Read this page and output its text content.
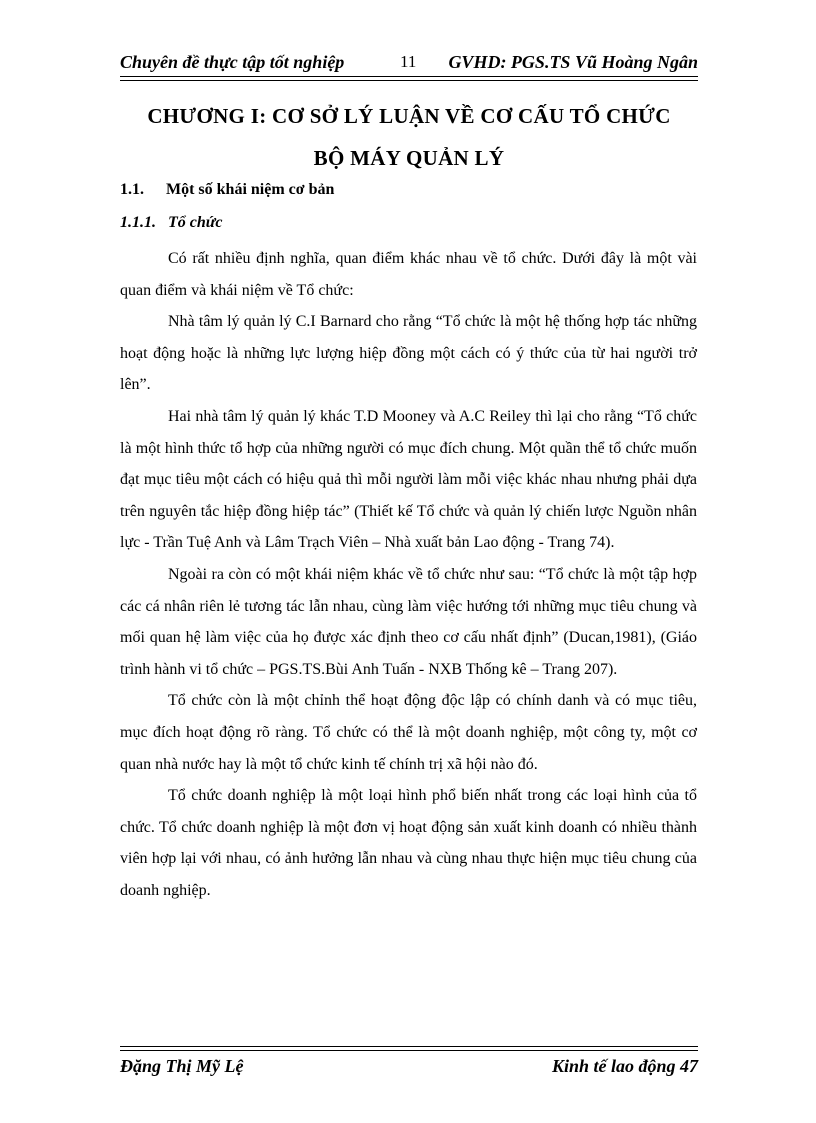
Chuyên đề thực tập tốt nghiệp	11 GVHD: PGS.TS Vũ Hoàng Ngân
CHƯƠNG I: CƠ SỞ LÝ LUẬN VỀ CƠ CẤU TỔ CHỨC
BỘ MÁY QUẢN LÝ
1.1. Một số khái niệm cơ bản
1.1.1. Tổ chức

Có rất nhiều định nghĩa, quan điểm khác nhau về tổ chức. Dưới đây là một vài quan điểm và khái niệm về Tổ chức:

Nhà tâm lý quản lý C.I Barnard cho rằng “Tổ chức là một hệ thống hợp tác những hoạt động hoặc là những lực lượng hiệp đồng một cách có ý thức của từ hai người trở lên”.

Hai nhà tâm lý quản lý khác T.D Mooney và A.C Reiley thì lại cho rằng “Tổ chức là một hình thức tổ hợp của những người có mục đích chung. Một quần thể tổ chức muốn đạt mục tiêu một cách có hiệu quả thì mỗi người làm mỗi việc khác nhau nhưng phải dựa trên nguyên tắc hiệp đồng hiệp tác” (Thiết kế Tổ chức và quản lý chiến lược Nguồn nhân lực - Trần Tuệ Anh và Lâm Trạch Viên – Nhà xuất bản Lao động - Trang 74).

Ngoài ra còn có một khái niệm khác về tổ chức như sau: “Tổ chức là một tập hợp các cá nhân riên lẻ tương tác lẫn nhau, cùng làm việc hướng tới những mục tiêu chung và mối quan hệ làm việc của họ được xác định theo cơ cấu nhất định” (Ducan,1981), (Giáo trình hành vi tổ chức – PGS.TS.Bùi Anh Tuấn - NXB Thống kê – Trang 207).

Tổ chức còn là một chỉnh thể hoạt động độc lập có chính danh và có mục tiêu, mục đích hoạt động rõ ràng. Tổ chức có thể là một doanh nghiệp, một công ty, một cơ quan nhà nước hay là một tổ chức kinh tế chính trị xã hội nào đó.

Tổ chức doanh nghiệp là một loại hình phổ biến nhất trong các loại hình của tổ chức. Tổ chức doanh nghiệp là một đơn vị hoạt động sản xuất kinh doanh có nhiều thành viên hợp lại với nhau, có ảnh hưởng lẫn nhau và cùng nhau thực hiện mục tiêu chung của doanh nghiệp.

Đặng Thị Mỹ Lệ	Kinh tế lao động 47
